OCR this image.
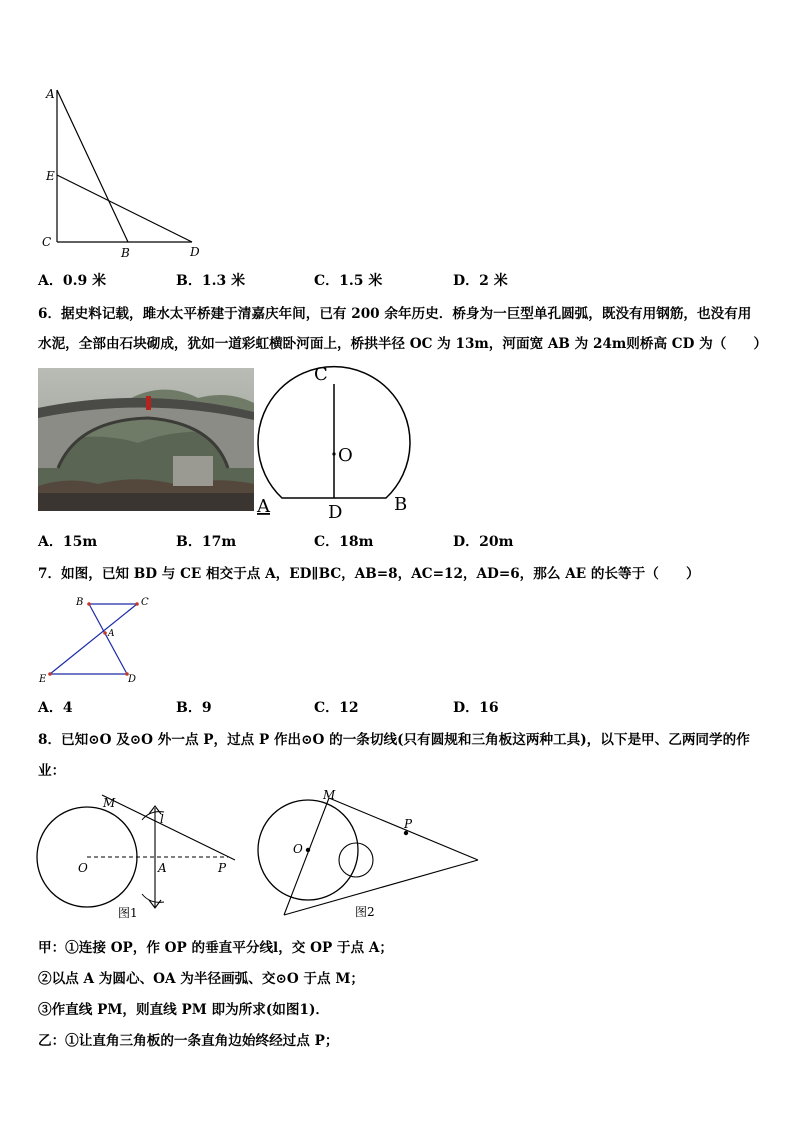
A
E
C
B	D
A．0.9 米	B．1.3 米	C．1.5 米	D．2 米
6．据史料记载，雎水太平桥建于清嘉庆年间，已有 200 余年历史．桥身为一巨型单孔圆弧，既没有用钢筋，也没有用
水泥，全部由石块砌成，犹如一道彩虹横卧河面上，桥拱半径 OC 为 13m，河面宽 AB 为 24m则桥高 CD 为（　　）
C
O
A	D	B
A．15m	B．17m	C．18m	D．20m
7．如图，已知 BD 与 CE 相交于点 A，ED∥BC，AB=8，AC=12，AD=6，那么 AE 的长等于（　　）
B	C
A
E	D
A．4	B．9	C．12	D．16
8．已知⊙O 及⊙O 外一点 P，过点 P 作出⊙O 的一条切线(只有圆规和三角板这两种工具)，以下是甲、乙两同学的作
业：
M
l
O	A	P
图1
M
P
O
图2
甲：①连接 OP，作 OP 的垂直平分线l，交 OP 于点 A；
②以点 A 为圆心、OA 为半径画弧、交⊙O 于点 M；
③作直线 PM，则直线 PM 即为所求(如图1)．
乙：①让直角三角板的一条直角边始终经过点 P；
